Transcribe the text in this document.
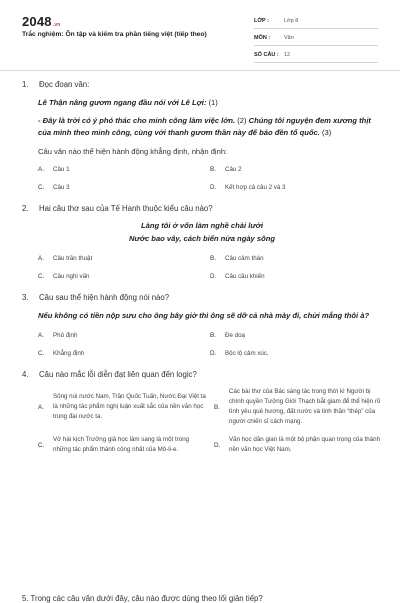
2048.vn
Trắc nghiệm: Ôn tập và kiểm tra phần tiếng việt (tiếp theo)
LỚP :	Lớp 8
MÔN :	Văn
SỐ CÂU : 12
1.	Đọc đoạn văn:
Lê Thận nâng gươm ngang đầu nói với Lê Lợi: (1)
- Đây là trời có ý phó thác cho minh công làm việc lớn. (2) Chúng tôi nguyện đem xương thịt của mình theo minh công, cùng với thanh gươm thần này để báo đền tổ quốc. (3)
Câu văn nào thể hiện hành động khẳng định, nhận định:
A.	Câu 1	B.	Câu 2
C.	Câu 3	D.	Kết hợp cả câu 2 và 3
2.	Hai câu thơ sau của Tế Hanh thuộc kiểu câu nào?
Làng tôi ở vốn làm nghề chài lưới
Nước bao vây, cách biển nửa ngày sông
A.	Câu trần thuật	B.	Câu cảm thán
C.	Câu nghi vấn	D.	Câu cầu khiến
3.	Câu sau thể hiện hành động nói nào?
Nếu không có tiền nộp sưu cho ông bây giờ thì ông sẽ dỡ cả nhà mày đi, chửi mắng thôi à?
A.	Phủ định	B.	Đe doạ
C.	Khẳng định	D.	Bộc lộ cảm xúc.
4.	Câu nào mắc lỗi diễn đạt liên quan đến logic?
A.
Sông núi nước Nam, Trần Quốc Tuấn, Nước Đại Việt ta là những tác phẩm nghị luận xuất sắc của nền văn học trung đại nước ta.
B.
Các bài thơ của Bác sáng tác trong thời kì Người bị chính quyền Tưởng Giới Thạch bắt giam để thể hiện rõ tình yêu quê hương, đất nước và tinh thần “thép” của người chiến sĩ cách mạng.
C.
Vở hài kịch Trưởng giả học làm sang là một trong những tác phẩm thành công nhất của Mô-li-e.
D.
Văn học dân gian là một bộ phận quan trọng của thành nền văn học Việt Nam.
5. Trong các câu văn dưới đây, câu nào được dùng theo lối giản tiếp?
